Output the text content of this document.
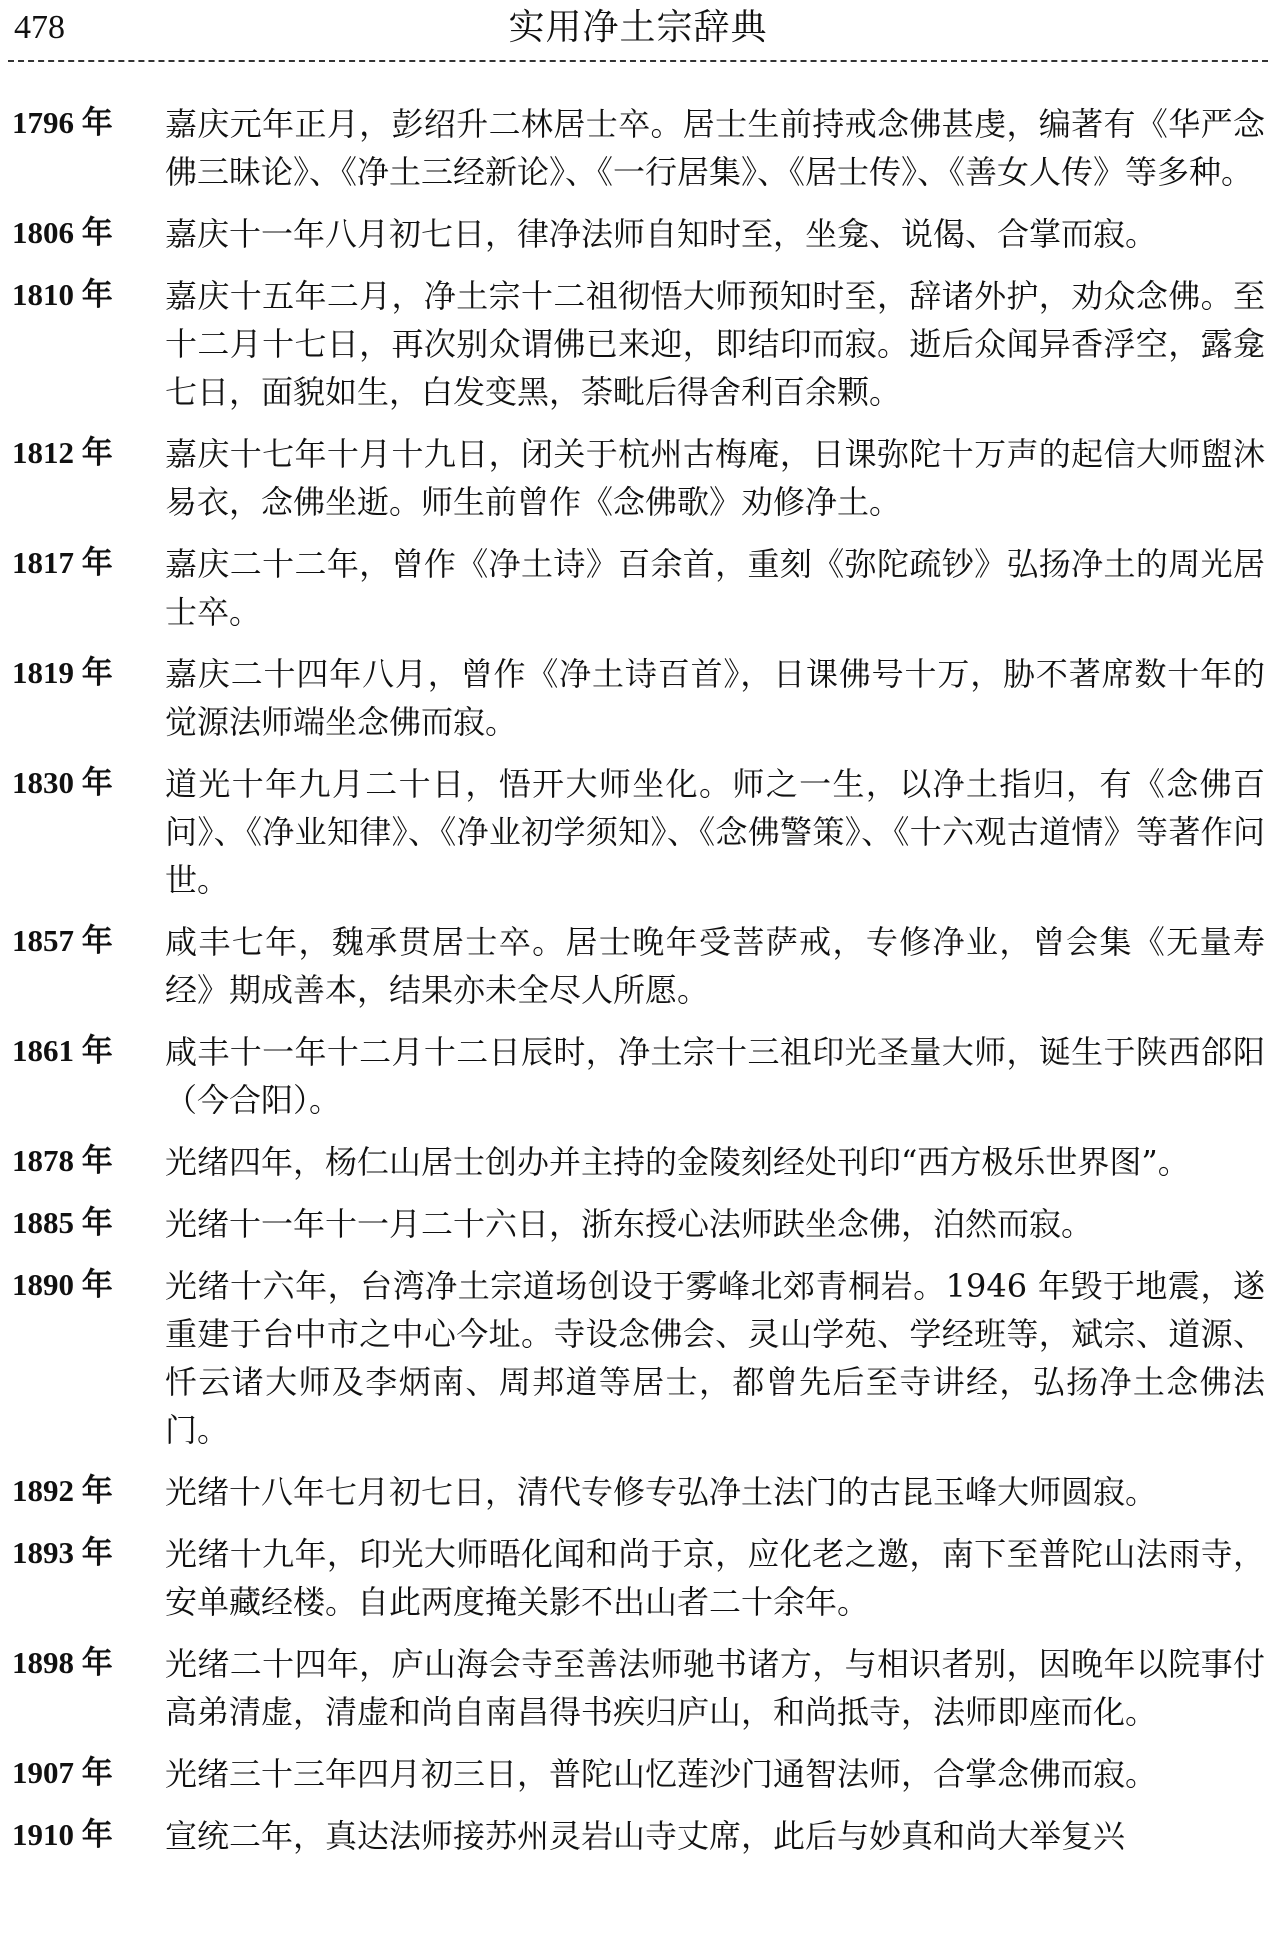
478	实用净土宗辞典
1796 年	嘉庆元年正月，彭绍升二林居士卒。居士生前持戒念佛甚虔，编著有《华严念佛三昧论》、《净土三经新论》、《一行居集》、《居士传》、《善女人传》等多种。
1806 年	嘉庆十一年八月初七日，律净法师自知时至，坐龛、说偈、合掌而寂。
1810 年	嘉庆十五年二月，净土宗十二祖彻悟大师预知时至，辞诸外护，劝众念佛。至十二月十七日，再次别众谓佛已来迎，即结印而寂。逝后众闻异香浮空，露龛七日，面貌如生，白发变黑，荼毗后得舍利百余颗。
1812 年	嘉庆十七年十月十九日，闭关于杭州古梅庵，日课弥陀十万声的起信大师盥沐易衣，念佛坐逝。师生前曾作《念佛歌》劝修净土。
1817 年	嘉庆二十二年，曾作《净土诗》百余首，重刻《弥陀疏钞》弘扬净土的周光居士卒。
1819 年	嘉庆二十四年八月，曾作《净土诗百首》，日课佛号十万，胁不著席数十年的觉源法师端坐念佛而寂。
1830 年	道光十年九月二十日，悟开大师坐化。师之一生，以净土指归，有《念佛百问》、《净业知律》、《净业初学须知》、《念佛警策》、《十六观古道情》等著作问世。
1857 年	咸丰七年，魏承贯居士卒。居士晚年受菩萨戒，专修净业，曾会集《无量寿经》期成善本，结果亦未全尽人所愿。
1861 年	咸丰十一年十二月十二日辰时，净土宗十三祖印光圣量大师，诞生于陕西郃阳（今合阳）。
1878 年	光绪四年，杨仁山居士创办并主持的金陵刻经处刊印“西方极乐世界图”。
1885 年	光绪十一年十一月二十六日，浙东授心法师趺坐念佛，泊然而寂。
1890 年	光绪十六年，台湾净土宗道场创设于雾峰北郊青桐岩。1946 年毁于地震，遂重建于台中市之中心今址。寺设念佛会、灵山学苑、学经班等，斌宗、道源、忏云诸大师及李炳南、周邦道等居士，都曾先后至寺讲经，弘扬净土念佛法门。
1892 年	光绪十八年七月初七日，清代专修专弘净土法门的古昆玉峰大师圆寂。
1893 年	光绪十九年，印光大师晤化闻和尚于京，应化老之邀，南下至普陀山法雨寺，安单藏经楼。自此两度掩关影不出山者二十余年。
1898 年	光绪二十四年，庐山海会寺至善法师驰书诸方，与相识者别，因晚年以院事付高弟清虚，清虚和尚自南昌得书疾归庐山，和尚抵寺，法师即座而化。
1907 年	光绪三十三年四月初三日，普陀山忆莲沙门通智法师，合掌念佛而寂。
1910 年	宣统二年，真达法师接苏州灵岩山寺丈席，此后与妙真和尚大举复兴
